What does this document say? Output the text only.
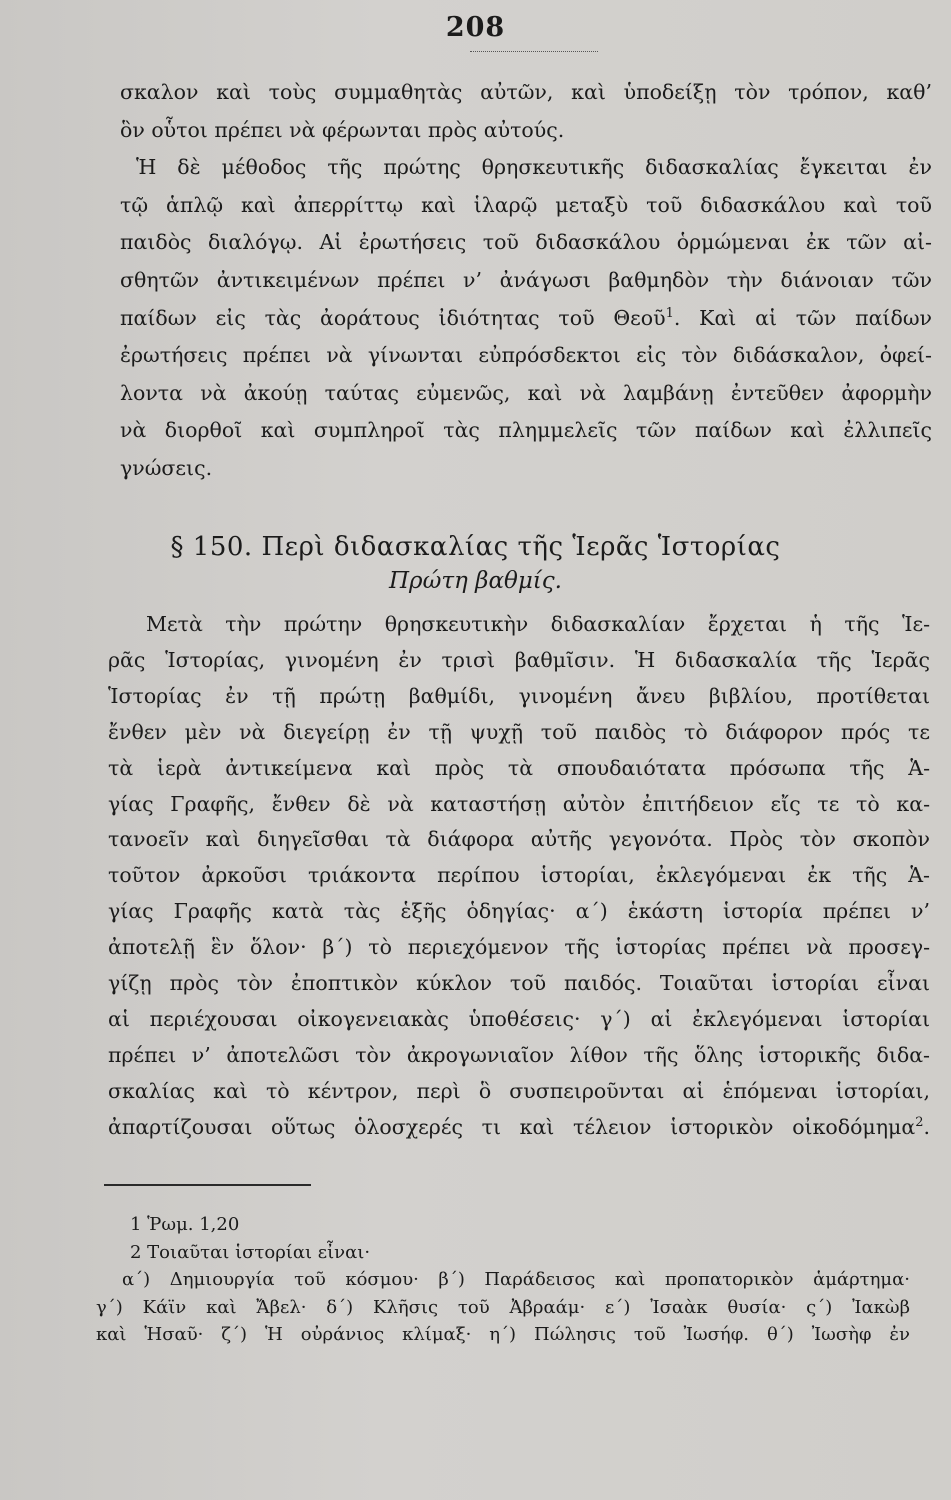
208
σκαλον καὶ τοὺς συμμαθητὰς αὐτῶν, καὶ ὑποδείξῃ τὸν τρόπον, καθ’
ὃν οὗτοι πρέπει νὰ φέρωνται πρὸς αὐτούς.
Ἡ δὲ μέθοδος τῆς πρώτης θρησκευτικῆς διδασκαλίας ἔγκειται ἐν
τῷ ἁπλῷ καὶ ἀπερρίττῳ καὶ ἱλαρῷ μεταξὺ τοῦ διδασκάλου καὶ τοῦ
παιδὸς διαλόγῳ. Αἱ ἐρωτήσεις τοῦ διδασκάλου ὁρμώμεναι ἐκ τῶν αἰ-
σθητῶν ἀντικειμένων πρέπει ν’ ἀνάγωσι βαθμηδὸν τὴν διάνοιαν τῶν
παίδων εἰς τὰς ἀοράτους ἰδιότητας τοῦ Θεοῦ$^1$. Καὶ αἱ τῶν παίδων
ἐρωτήσεις πρέπει νὰ γίνωνται εὐπρόσδεκτοι εἰς τὸν διδάσκαλον, ὀφεί-
λοντα νὰ ἀκούῃ ταύτας εὐμενῶς, καὶ νὰ λαμβάνῃ ἐντεῦθεν ἀφορμὴν
νὰ διορθοῖ καὶ συμπληροῖ τὰς πλημμελεῖς τῶν παίδων καὶ ἐλλιπεῖς
γνώσεις.
§ 150. Περὶ διδασκαλίας τῆς Ἱερᾶς Ἱστορίας
Πρώτη βαθμίς.
Μετὰ τὴν πρώτην θρησκευτικὴν διδασκαλίαν ἔρχεται ἡ τῆς Ἱε-
ρᾶς Ἱστορίας, γινομένη ἐν τρισὶ βαθμῖσιν. Ἡ διδασκαλία τῆς Ἱερᾶς
Ἱστορίας ἐν τῇ πρώτῃ βαθμίδι, γινομένη ἄνευ βιβλίου, προτίθεται
ἔνθεν μὲν νὰ διεγείρῃ ἐν τῇ ψυχῇ τοῦ παιδὸς τὸ διάφορον πρός τε
τὰ ἱερὰ ἀντικείμενα καὶ πρὸς τὰ σπουδαιότατα πρόσωπα τῆς Ἁ-
γίας Γραφῆς, ἔνθεν δὲ νὰ καταστήσῃ αὐτὸν ἐπιτήδειον εἴς τε τὸ κα-
τανοεῖν καὶ διηγεῖσθαι τὰ διάφορα αὐτῆς γεγονότα. Πρὸς τὸν σκοπὸν
τοῦτον ἀρκοῦσι τριάκοντα περίπου ἱστορίαι, ἐκλεγόμεναι ἐκ τῆς Ἁ-
γίας Γραφῆς κατὰ τὰς ἑξῆς ὁδηγίας· α΄) ἑκάστη ἱστορία πρέπει ν’
ἀποτελῇ ἓν ὅλον· β΄) τὸ περιεχόμενον τῆς ἱστορίας πρέπει νὰ προσεγ-
γίζῃ πρὸς τὸν ἐποπτικὸν κύκλον τοῦ παιδός. Τοιαῦται ἱστορίαι εἶναι
αἱ περιέχουσαι οἰκογενειακὰς ὑποθέσεις· γ΄) αἱ ἐκλεγόμεναι ἱστορίαι
πρέπει ν’ ἀποτελῶσι τὸν ἀκρογωνιαῖον λίθον τῆς ὅλης ἱστορικῆς διδα-
σκαλίας καὶ τὸ κέντρον, περὶ ὃ συσπειροῦνται αἱ ἑπόμεναι ἱστορίαι,
ἀπαρτίζουσαι οὕτως ὁλοσχερές τι καὶ τέλειον ἱστορικὸν οἰκοδόμημα$^2$.
1 Ῥωμ. 1,20
2 Τοιαῦται ἱστορίαι εἶναι·
α΄) Δημιουργία τοῦ κόσμου· β΄) Παράδεισος καὶ προπατορικὸν ἁμάρτημα·
γ΄) Κάϊν καὶ Ἄβελ· δ΄) Κλῆσις τοῦ Ἀβραάμ· ε΄) Ἰσαὰκ θυσία· ς΄) Ἰακὼβ
καὶ Ἡσαῦ· ζ΄) Ἡ οὐράνιος κλίμαξ· η΄) Πώλησις τοῦ Ἰωσήφ. θ΄) Ἰωσὴφ ἐν
